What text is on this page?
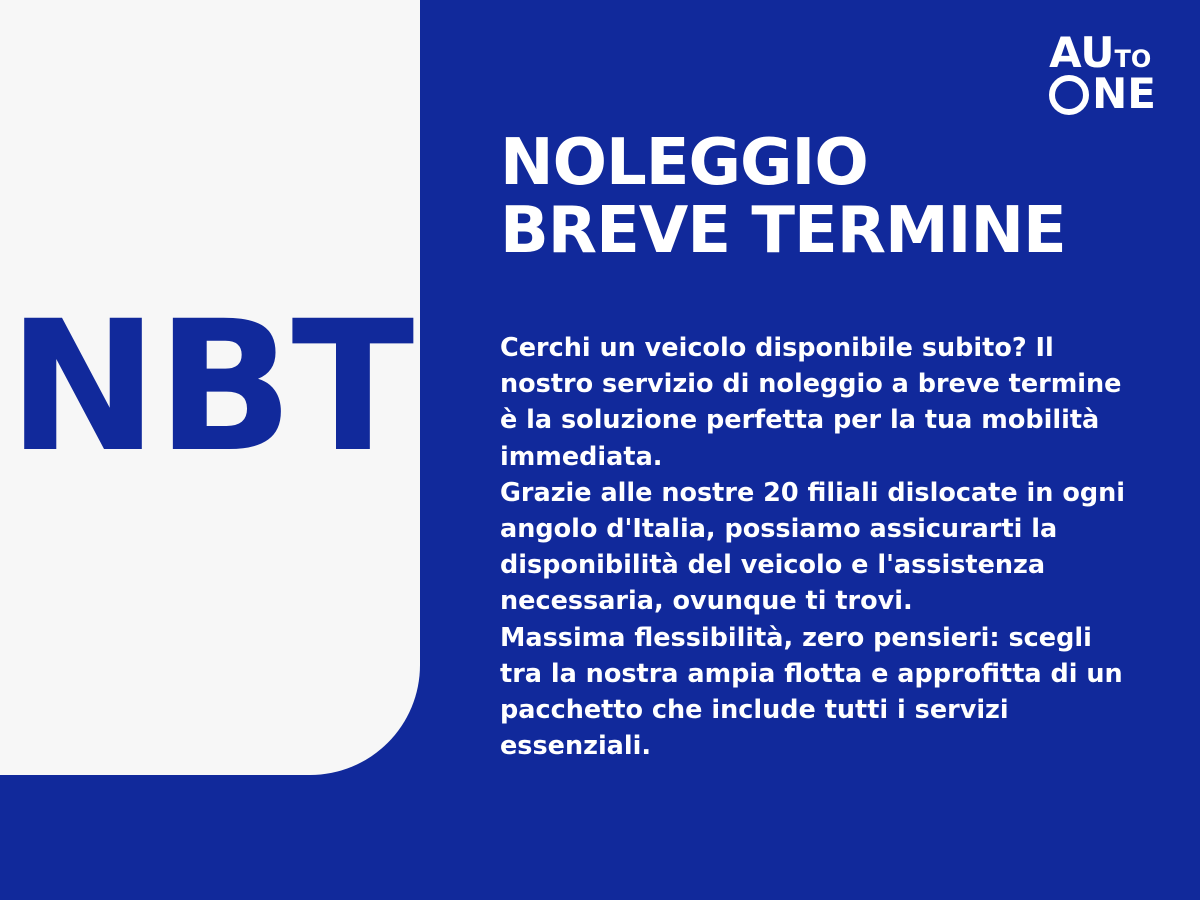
NBT
AU TO
NE
NOLEGGIO
BREVE TERMINE

Cerchi un veicolo disponibile subito? Il nostro servizio di noleggio a breve termine è la soluzione perfetta per la tua mobilità immediata.

Grazie alle nostre 20 filiali dislocate in ogni angolo d'Italia, possiamo assicurarti la disponibilità del veicolo e l'assistenza necessaria, ovunque ti trovi.

Massima flessibilità, zero pensieri: scegli tra la nostra ampia flotta e approfitta di un pacchetto che include tutti i servizi essenziali.
